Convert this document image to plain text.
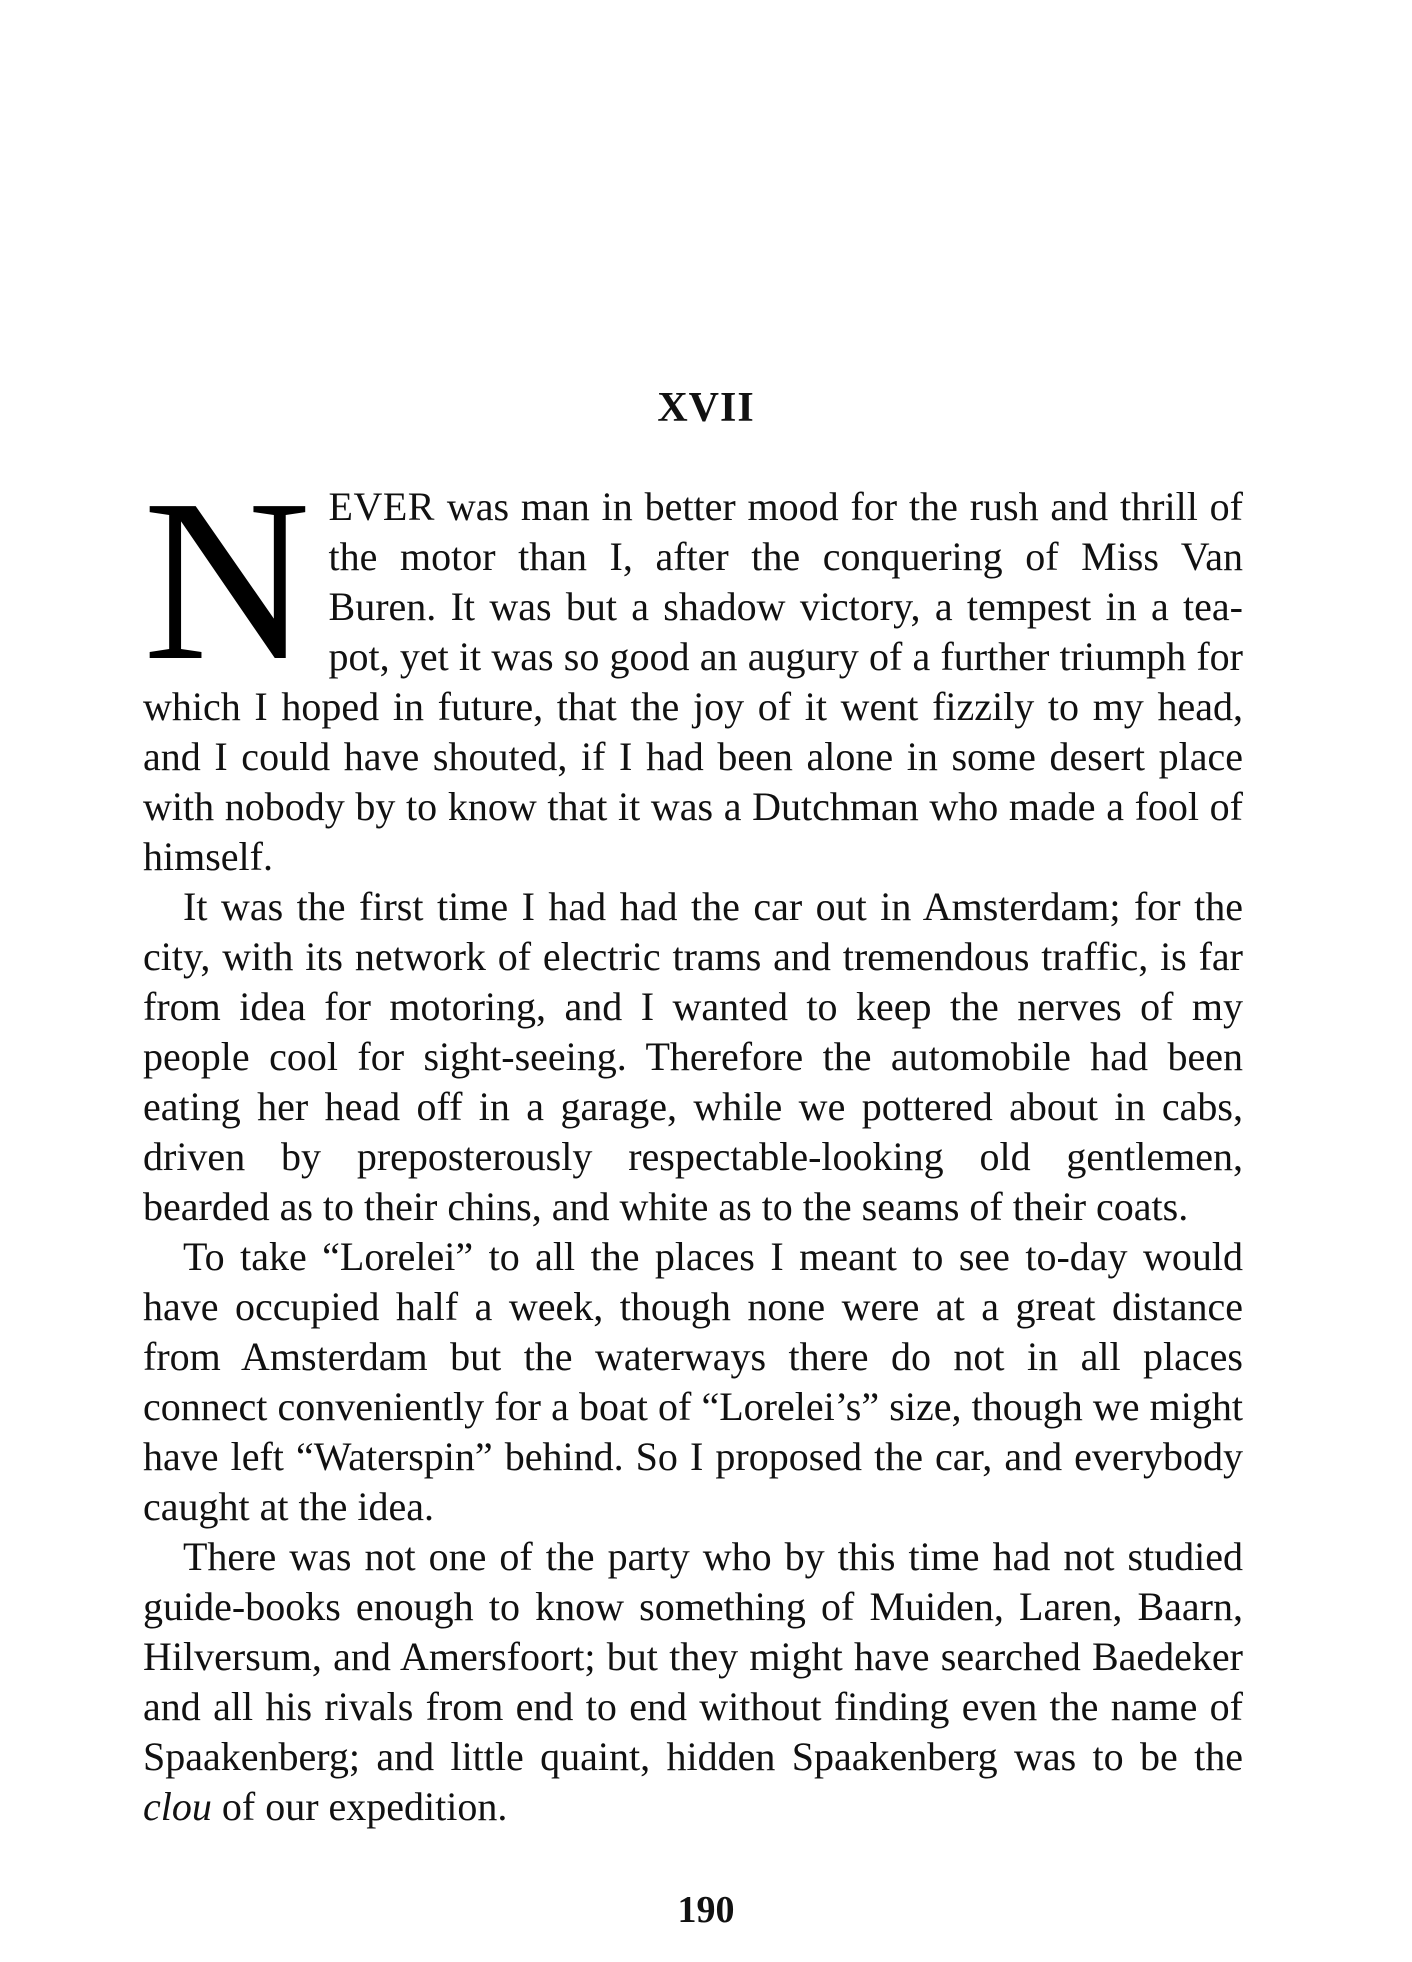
XVII

NEVER was man in better mood for the rush and thrill of the motor than I, after the conquering of Miss Van Buren. It was but a shadow victory, a tempest in a tea-pot, yet it was so good an augury of a further triumph for which I hoped in future, that the joy of it went fizzily to my head, and I could have shouted, if I had been alone in some desert place with nobody by to know that it was a Dutchman who made a fool of himself.

It was the first time I had had the car out in Amsterdam; for the city, with its network of electric trams and tremendous traffic, is far from idea for motoring, and I wanted to keep the nerves of my people cool for sight-seeing. Therefore the automobile had been eating her head off in a garage, while we pottered about in cabs, driven by preposterously respectable-looking old gentlemen, bearded as to their chins, and white as to the seams of their coats.

To take “Lorelei” to all the places I meant to see to-day would have occupied half a week, though none were at a great distance from Amsterdam but the waterways there do not in all places connect conveniently for a boat of “Lorelei’s” size, though we might have left “Waterspin” behind. So I proposed the car, and everybody caught at the idea.

There was not one of the party who by this time had not studied guide-books enough to know something of Muiden, Laren, Baarn, Hilversum, and Amersfoort; but they might have searched Baedeker and all his rivals from end to end without finding even the name of Spaakenberg; and little quaint, hidden Spaakenberg was to be the clou of our expedition.

190
